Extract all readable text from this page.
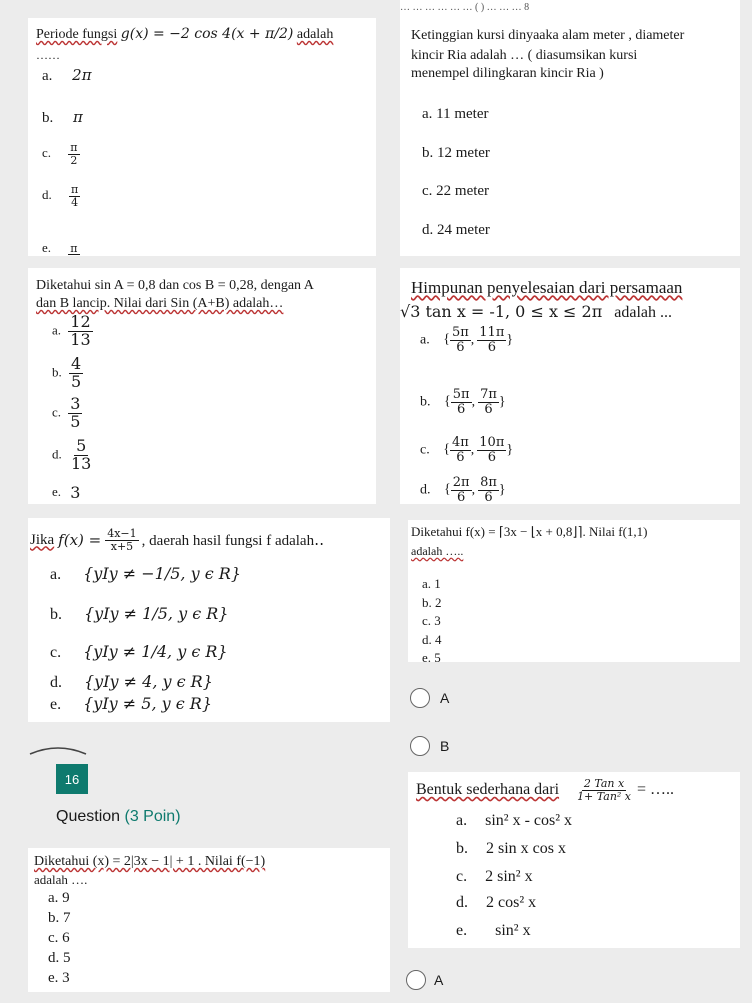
Periode fungsi g(x) = −2 cos 4(x + π/2) adalah
……
a. 2π
b. π
c. $\frac{\pi}{2}$
d. $\frac{\pi}{4}$
e. π
… … … … … … ( ) … … … 8
Ketinggian kursi dinyaaka alam meter , diameter
kincir Ria adalah … ( diasumsikan kursi
menempel dilingkaran kincir Ria )
a. 11 meter
b. 12 meter
c. 22 meter
d. 24 meter
Diketahui sin A = 0,8 dan cos B = 0,28, dengan A
dan B lancip. Nilai dari Sin (A+B) adalah…
a. $\frac{12}{13}$
b. $\frac{4}{5}$
c. $\frac{3}{5}$
d. $\frac{5}{13}$
e. 3
Himpunan penyelesaian dari persamaan
√3 tan x = -1, 0 ≤ x ≤ 2π adalah ...
a. { $\frac{5\pi}{6}$ , $\frac{11\pi}{6}$ }
b. { $\frac{5\pi}{6}$ , $\frac{7\pi}{6}$ }
c. { $\frac{4\pi}{6}$ , $\frac{10\pi}{6}$ }
d. { $\frac{2\pi}{6}$ , $\frac{8\pi}{6}$ }
Jika $f(x) = \frac{4x-1}{x+5}$ , daerah hasil fungsi f adalah‥
a. {yIy ≠ −1/5, y ϵ R}
b. {yIy ≠ 1/5, y ϵ R}
c. {yIy ≠ 1/4, y ϵ R}
d. {yIy ≠ 4, y ϵ R}
e. {yIy ≠ 5, y ϵ R}
Diketahui f(x) = ⌈3x − ⌊x + 0,8⌋⌉. Nilai f(1,1)
adalah …..
a. 1
b. 2
c. 3
d. 4
e. 5
A
B
16
Question (3 Poin)
Diketahui (x) = 2|3x − 1| + 1 . Nilai f(−1)
adalah ….
a. 9
b. 7
c. 6
d. 5
e. 3
Bentuk sederhana dari $\frac{\text{2 Tan x}}{\text{1+ Tan² x}}$ = …..
a. sin² x - cos² x
b. 2 sin x cos x
c. 2 sin² x
d. 2 cos² x
e. sin² x
A
